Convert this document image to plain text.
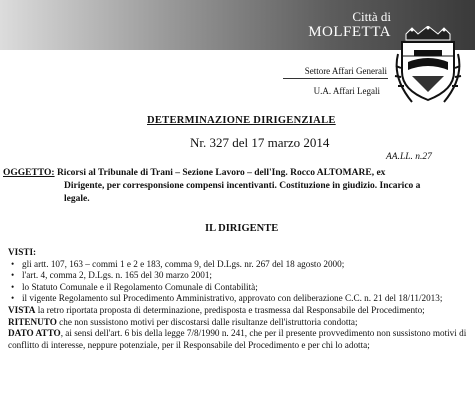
Città di
MOLFETTA
Settore Affari Generali
U.A. Affari Legali
DETERMINAZIONE DIRIGENZIALE
Nr. 327 del 17 marzo 2014
AA.LL. n.27
OGGETTO: Ricorsi al Tribunale di Trani – Sezione Lavoro – dell'Ing. Rocco ALTOMARE, ex
Dirigente, per corresponsione compensi incentivanti. Costituzione in giudizio. Incarico a
legale.
IL DIRIGENTE

VISTI:

• gli artt. 107, 163 – commi 1 e 2 e 183, comma 9, del D.Lgs. nr. 267 del 18 agosto 2000;
• l'art. 4, comma 2, D.Lgs. n. 165 del 30 marzo 2001;
• lo Statuto Comunale e il Regolamento Comunale di Contabilità;
• il vigente Regolamento sul Procedimento Amministrativo, approvato con deliberazione C.C. n. 21 del 18/11/2013;

VISTA la retro riportata proposta di determinazione, predisposta e trasmessa dal Responsabile del Procedimento;

RITENUTO che non sussistono motivi per discostarsi dalle risultanze dell'istruttoria condotta;

DATO ATTO, ai sensi dell'art. 6 bis della legge 7/8/1990 n. 241, che per il presente provvedimento non sussistono motivi di conflitto di interesse, neppure potenziale, per il Responsabile del Procedimento e per chi lo adotta;
